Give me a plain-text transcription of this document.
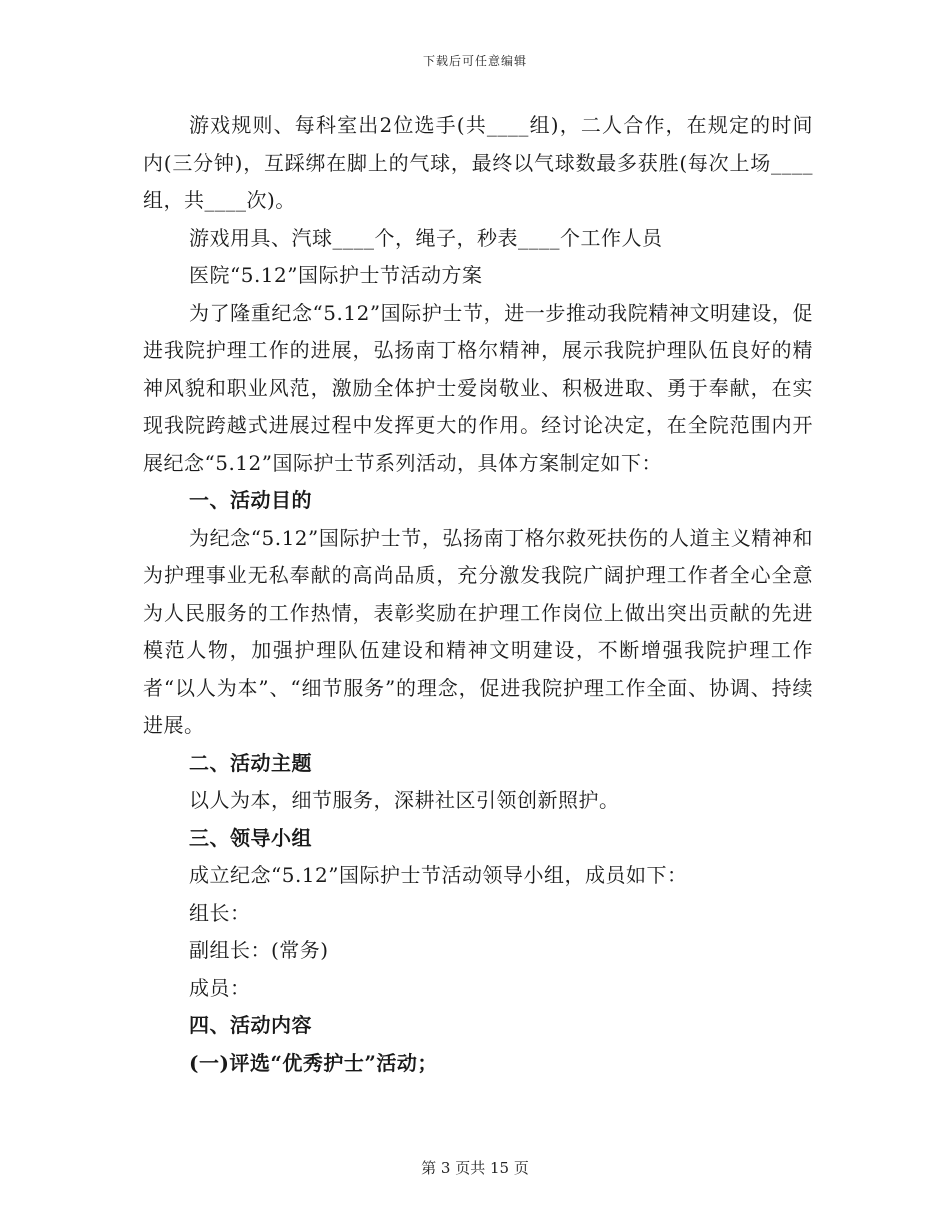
下载后可任意编辑

游戏规则、每科室出2位选手(共____组)，二人合作，在规定的时间内(三分钟)，互踩绑在脚上的气球，最终以气球数最多获胜(每次上场____组，共____次)。

游戏用具、汽球____个，绳子，秒表____个工作人员

医院“5.12”国际护士节活动方案

为了隆重纪念“5.12”国际护士节，进一步推动我院精神文明建设，促进我院护理工作的进展，弘扬南丁格尔精神，展示我院护理队伍良好的精神风貌和职业风范，激励全体护士爱岗敬业、积极进取、勇于奉献，在实现我院跨越式进展过程中发挥更大的作用。经讨论决定，在全院范围内开展纪念“5.12”国际护士节系列活动，具体方案制定如下：

一、活动目的

为纪念“5.12”国际护士节，弘扬南丁格尔救死扶伤的人道主义精神和为护理事业无私奉献的高尚品质，充分激发我院广阔护理工作者全心全意为人民服务的工作热情，表彰奖励在护理工作岗位上做出突出贡献的先进模范人物，加强护理队伍建设和精神文明建设，不断增强我院护理工作者“以人为本”、“细节服务”的理念，促进我院护理工作全面、协调、持续进展。

二、活动主题

以人为本，细节服务，深耕社区引领创新照护。

三、领导小组

成立纪念“5.12”国际护士节活动领导小组，成员如下：

组长：

副组长：(常务)

成员：

四、活动内容

(一)评选“优秀护士”活动；

第 3 页共 15 页
